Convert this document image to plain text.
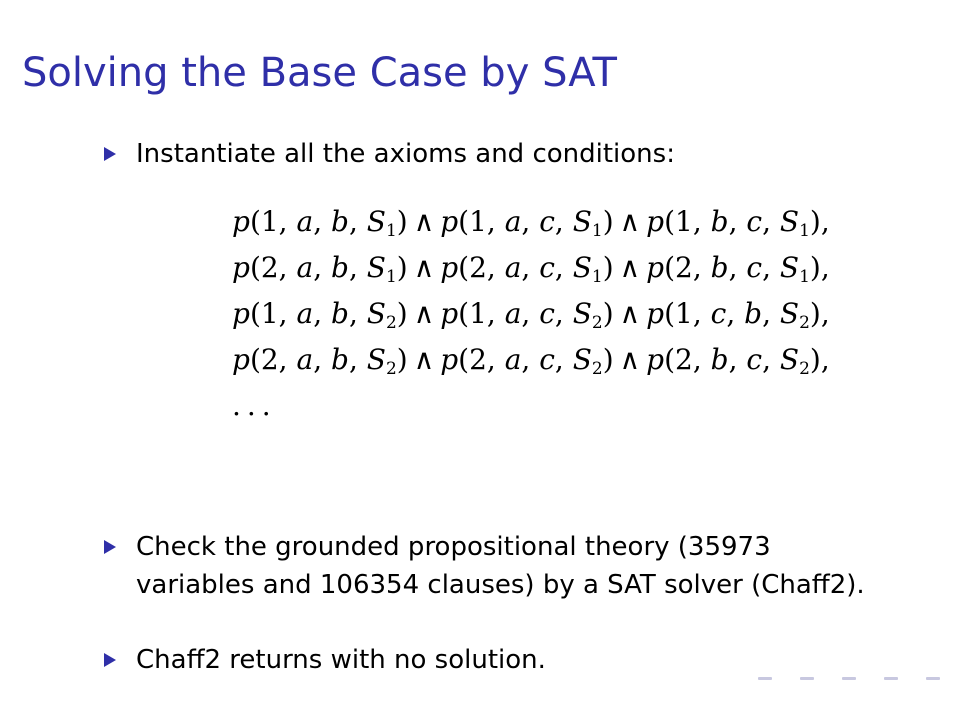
Solving the Base Case by SAT
Instantiate all the axioms and conditions:
p(1, a, b, $S_1$) ∧ p(1, a, c, $S_1$) ∧ p(1, b, c, $S_1$),
p(2, a, b, $S_1$) ∧ p(2, a, c, $S_1$) ∧ p(2, b, c, $S_1$),
p(1, a, b, $S_2$) ∧ p(1, a, c, $S_2$) ∧ p(1, c, b, $S_2$),
p(2, a, b, $S_2$) ∧ p(2, a, c, $S_2$) ∧ p(2, b, c, $S_2$),
...
Check the grounded propositional theory (35973 variables and 106354 clauses) by a SAT solver (Chaff2).
Chaff2 returns with no solution.
